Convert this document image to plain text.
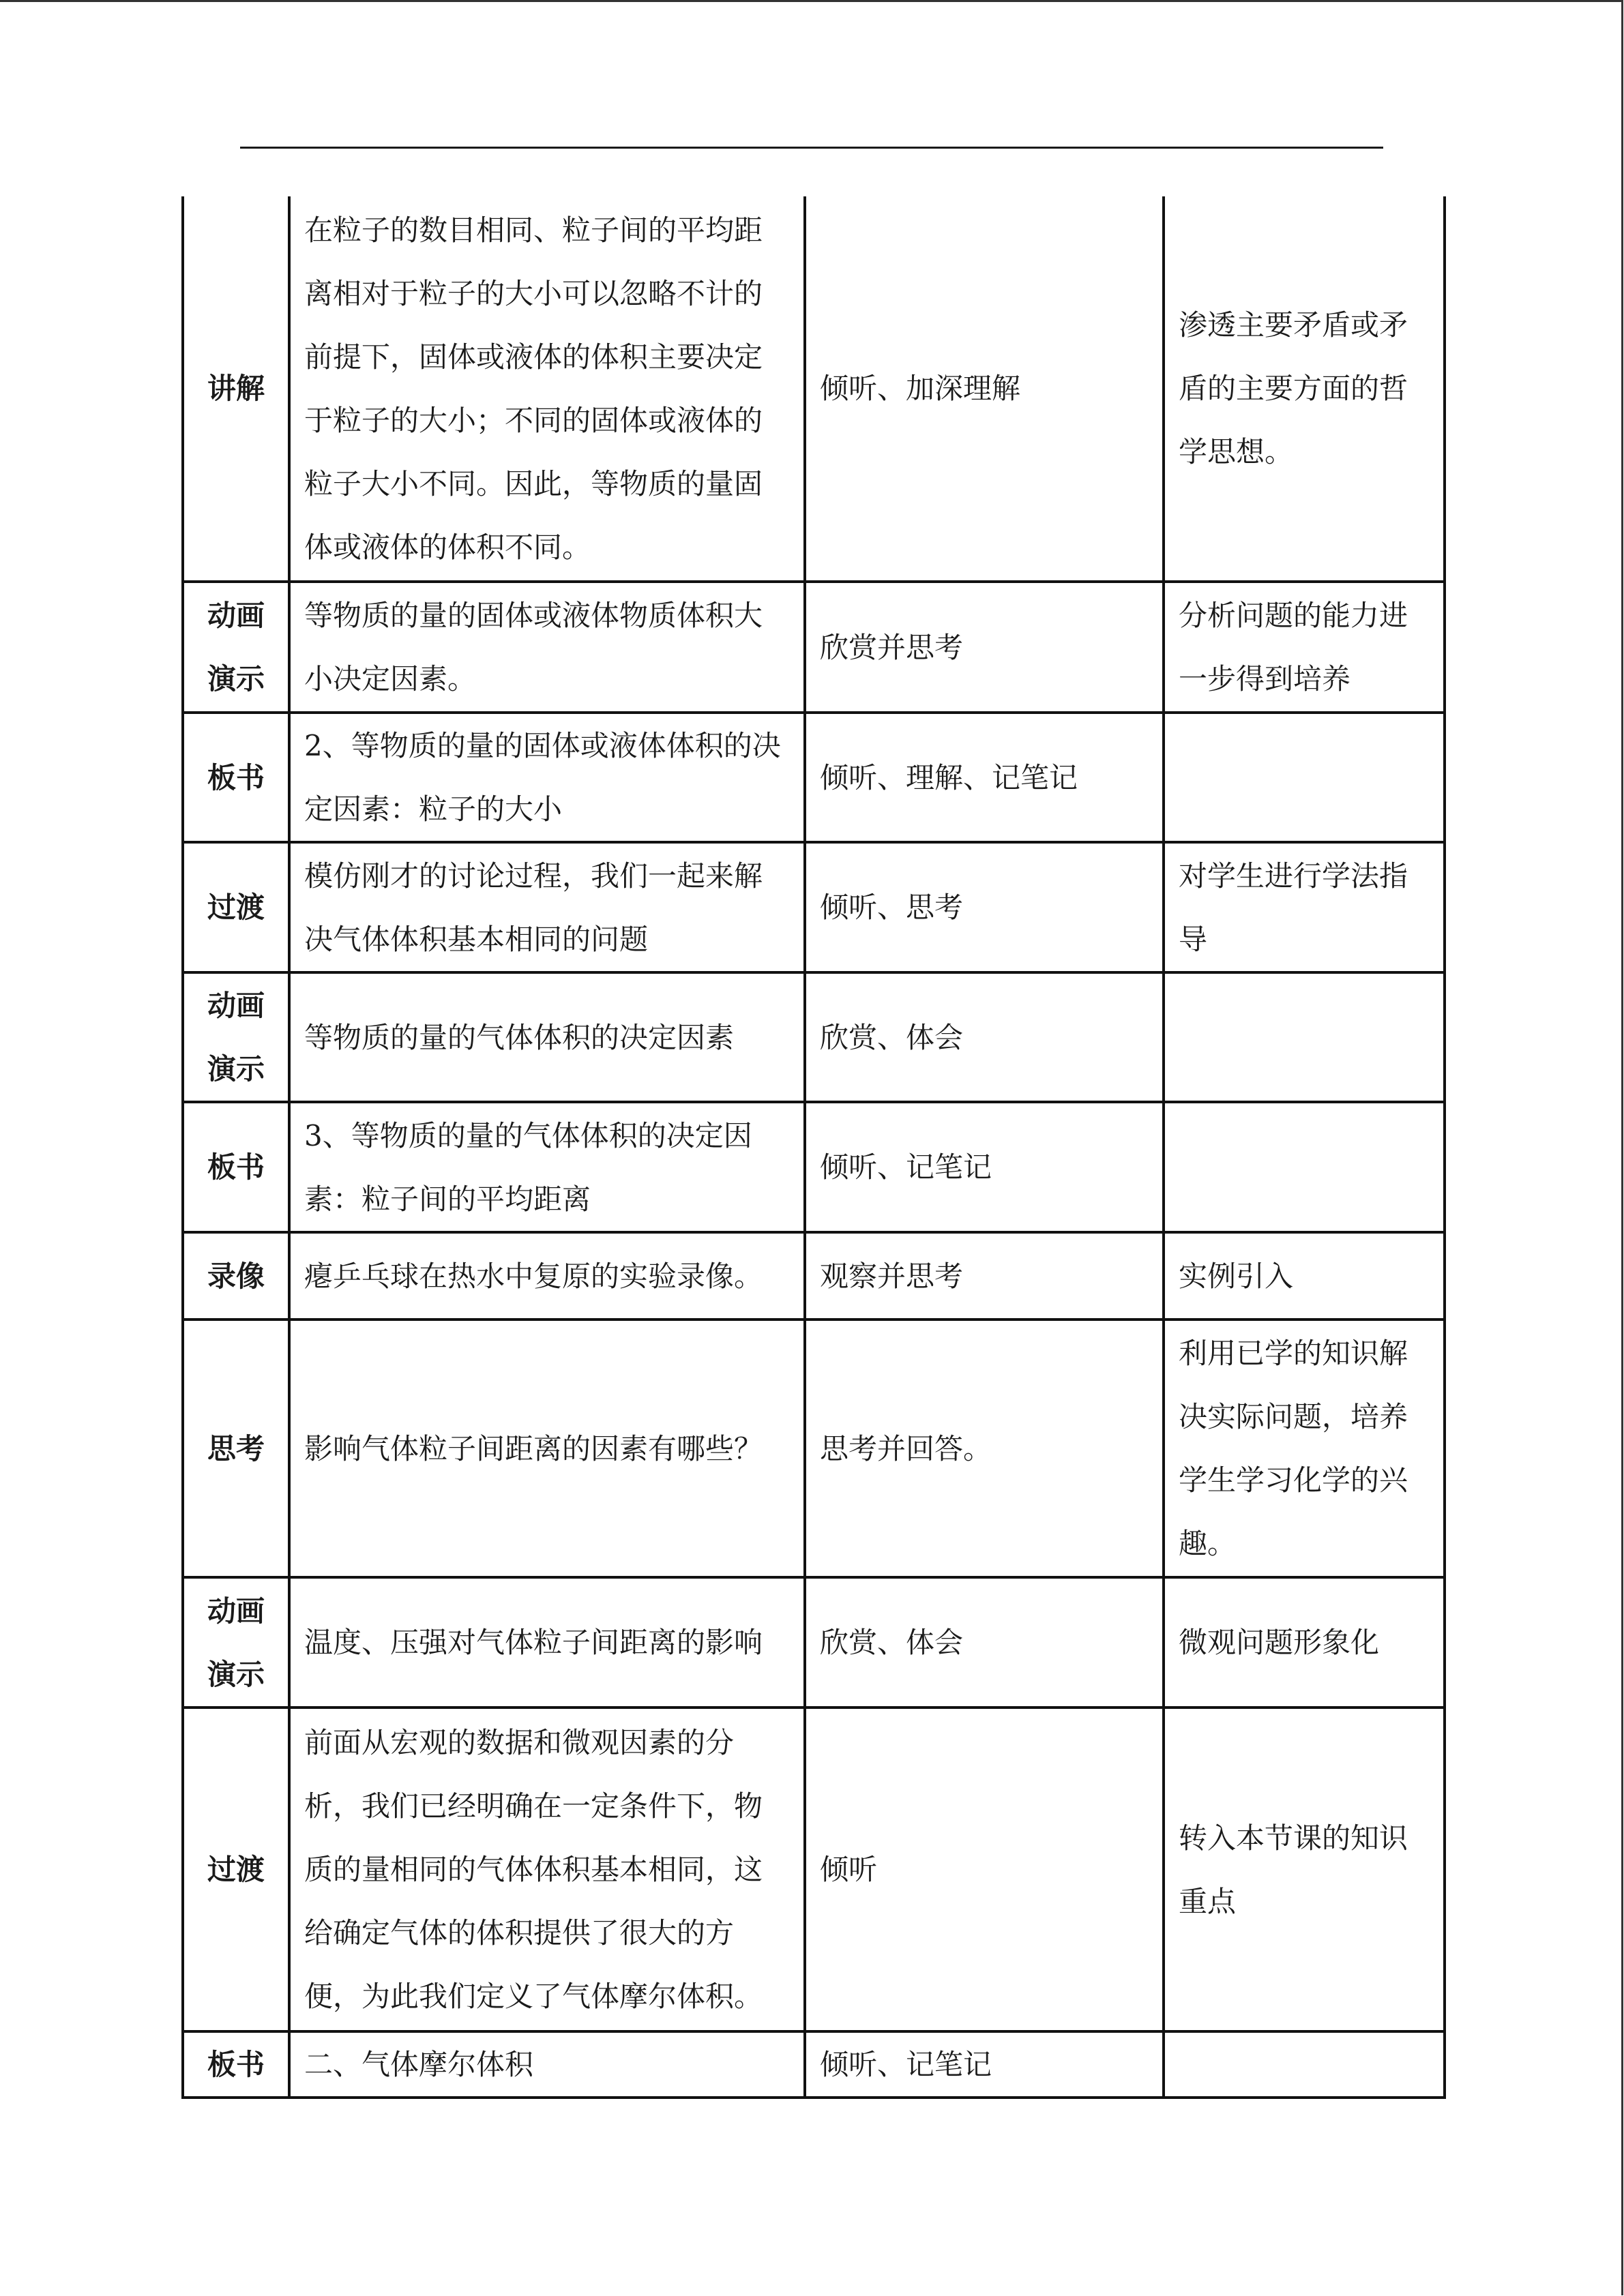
讲解	在粒子的数目相同、粒子间的平均距离相对于粒子的大小可以忽略不计的前提下，固体或液体的体积主要决定于粒子的大小；不同的固体或液体的粒子大小不同。因此，等物质的量固体或液体的体积不同。	倾听、加深理解	渗透主要矛盾或矛盾的主要方面的哲学思想。
动画演示	等物质的量的固体或液体物质体积大小决定因素。	欣赏并思考	分析问题的能力进一步得到培养
板书	2、等物质的量的固体或液体体积的决定因素：粒子的大小	倾听、理解、记笔记	
过渡	模仿刚才的讨论过程，我们一起来解决气体体积基本相同的问题	倾听、思考	对学生进行学法指导
动画演示	等物质的量的气体体积的决定因素	欣赏、体会	
板书	3、等物质的量的气体体积的决定因素：粒子间的平均距离	倾听、记笔记	
录像	瘪乒乓球在热水中复原的实验录像。	观察并思考	实例引入
思考	影响气体粒子间距离的因素有哪些？	思考并回答。	利用已学的知识解决实际问题，培养学生学习化学的兴趣。
动画演示	温度、压强对气体粒子间距离的影响	欣赏、体会	微观问题形象化
过渡	前面从宏观的数据和微观因素的分析，我们已经明确在一定条件下，物质的量相同的气体体积基本相同，这给确定气体的体积提供了很大的方便，为此我们定义了气体摩尔体积。	倾听	转入本节课的知识重点
板书	二、气体摩尔体积	倾听、记笔记	
